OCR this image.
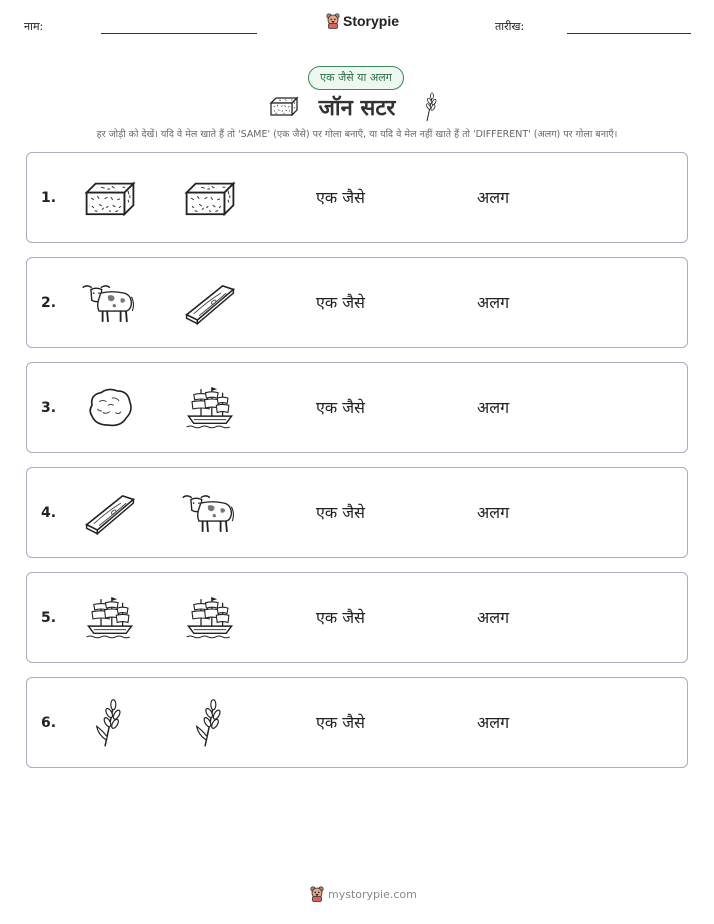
नाम:	Storypie	तारीख:
एक जैसे या अलग
जॉन सटर
हर जोड़ी को देखें। यदि वे मेल खाते हैं तो 'SAME' (एक जैसे) पर गोला बनाएँ, या यदि वे मेल नहीं खाते हैं तो 'DIFFERENT' (अलग) पर गोला बनाएँ।
1.	एक जैसे	अलग
2.	एक जैसे	अलग
3.	एक जैसे	अलग
4.	एक जैसे	अलग
5.	एक जैसे	अलग
6.	एक जैसे	अलग
mystorypie.com
